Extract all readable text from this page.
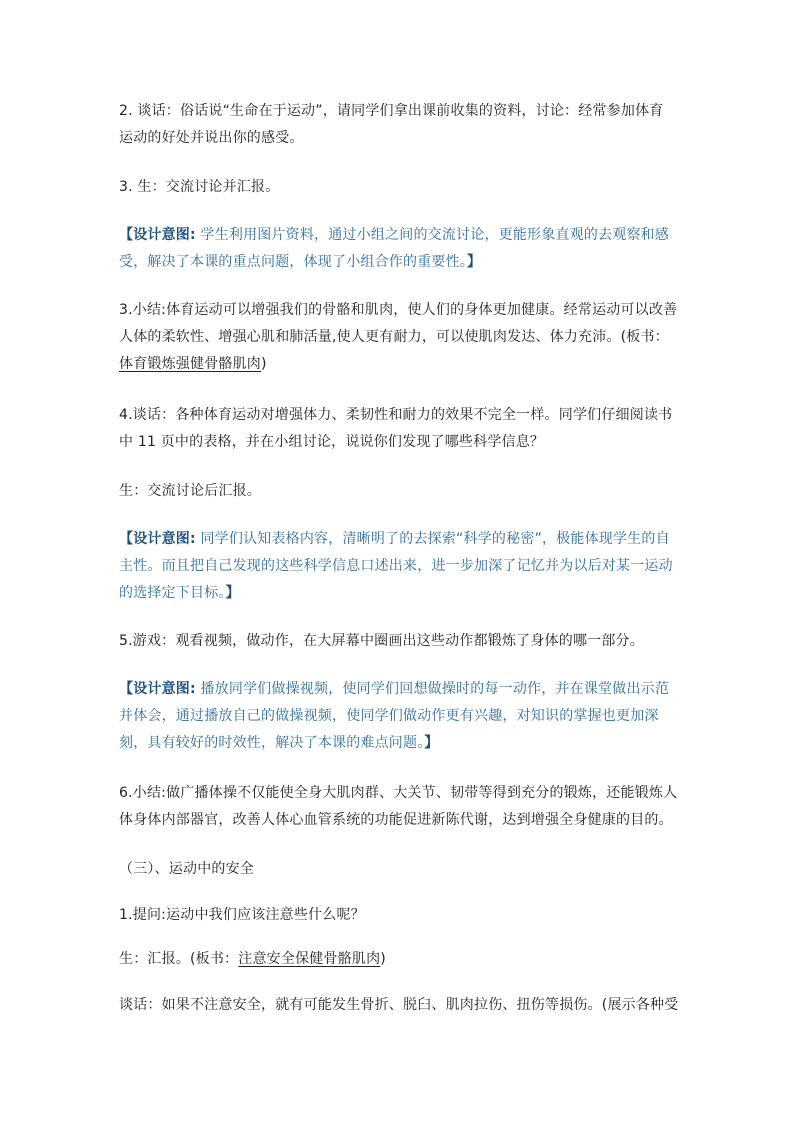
2. 谈话：俗话说“生命在于运动”，请同学们拿出课前收集的资料，讨论：经常参加体育
运动的好处并说出你的感受。
3. 生：交流讨论并汇报。
【设计意图: 学生利用图片资料，通过小组之间的交流讨论，更能形象直观的去观察和感
受，解决了本课的重点问题，体现了小组合作的重要性。】
3.小结:体育运动可以增强我们的骨骼和肌肉，使人们的身体更加健康。经常运动可以改善
人体的柔软性、增强心肌和肺活量,使人更有耐力，可以使肌肉发达、体力充沛。(板书：
体育锻炼强健骨骼肌肉)
4.谈话：各种体育运动对增强体力、柔韧性和耐力的效果不完全一样。同学们仔细阅读书
中 11 页中的表格，并在小组讨论，说说你们发现了哪些科学信息？
生：交流讨论后汇报。
【设计意图: 同学们认知表格内容，清晰明了的去探索“科学的秘密”，极能体现学生的自
主性。而且把自己发现的这些科学信息口述出来，进一步加深了记忆并为以后对某一运动
的选择定下目标。】
5.游戏：观看视频，做动作，在大屏幕中圈画出这些动作都锻炼了身体的哪一部分。
【设计意图: 播放同学们做操视频，使同学们回想做操时的每一动作，并在课堂做出示范
并体会，通过播放自己的做操视频，使同学们做动作更有兴趣，对知识的掌握也更加深
刻，具有较好的时效性，解决了本课的难点问题。】
6.小结:做广播体操不仅能使全身大肌肉群、大关节、韧带等得到充分的锻炼，还能锻炼人
体身体内部器官，改善人体心血管系统的功能促进新陈代谢，达到增强全身健康的目的。
（三）、运动中的安全
1.提问:运动中我们应该注意些什么呢？
生：汇报。(板书：注意安全保健骨骼肌肉)
谈话：如果不注意安全，就有可能发生骨折、脱臼、肌肉拉伤、扭伤等损伤。(展示各种受
